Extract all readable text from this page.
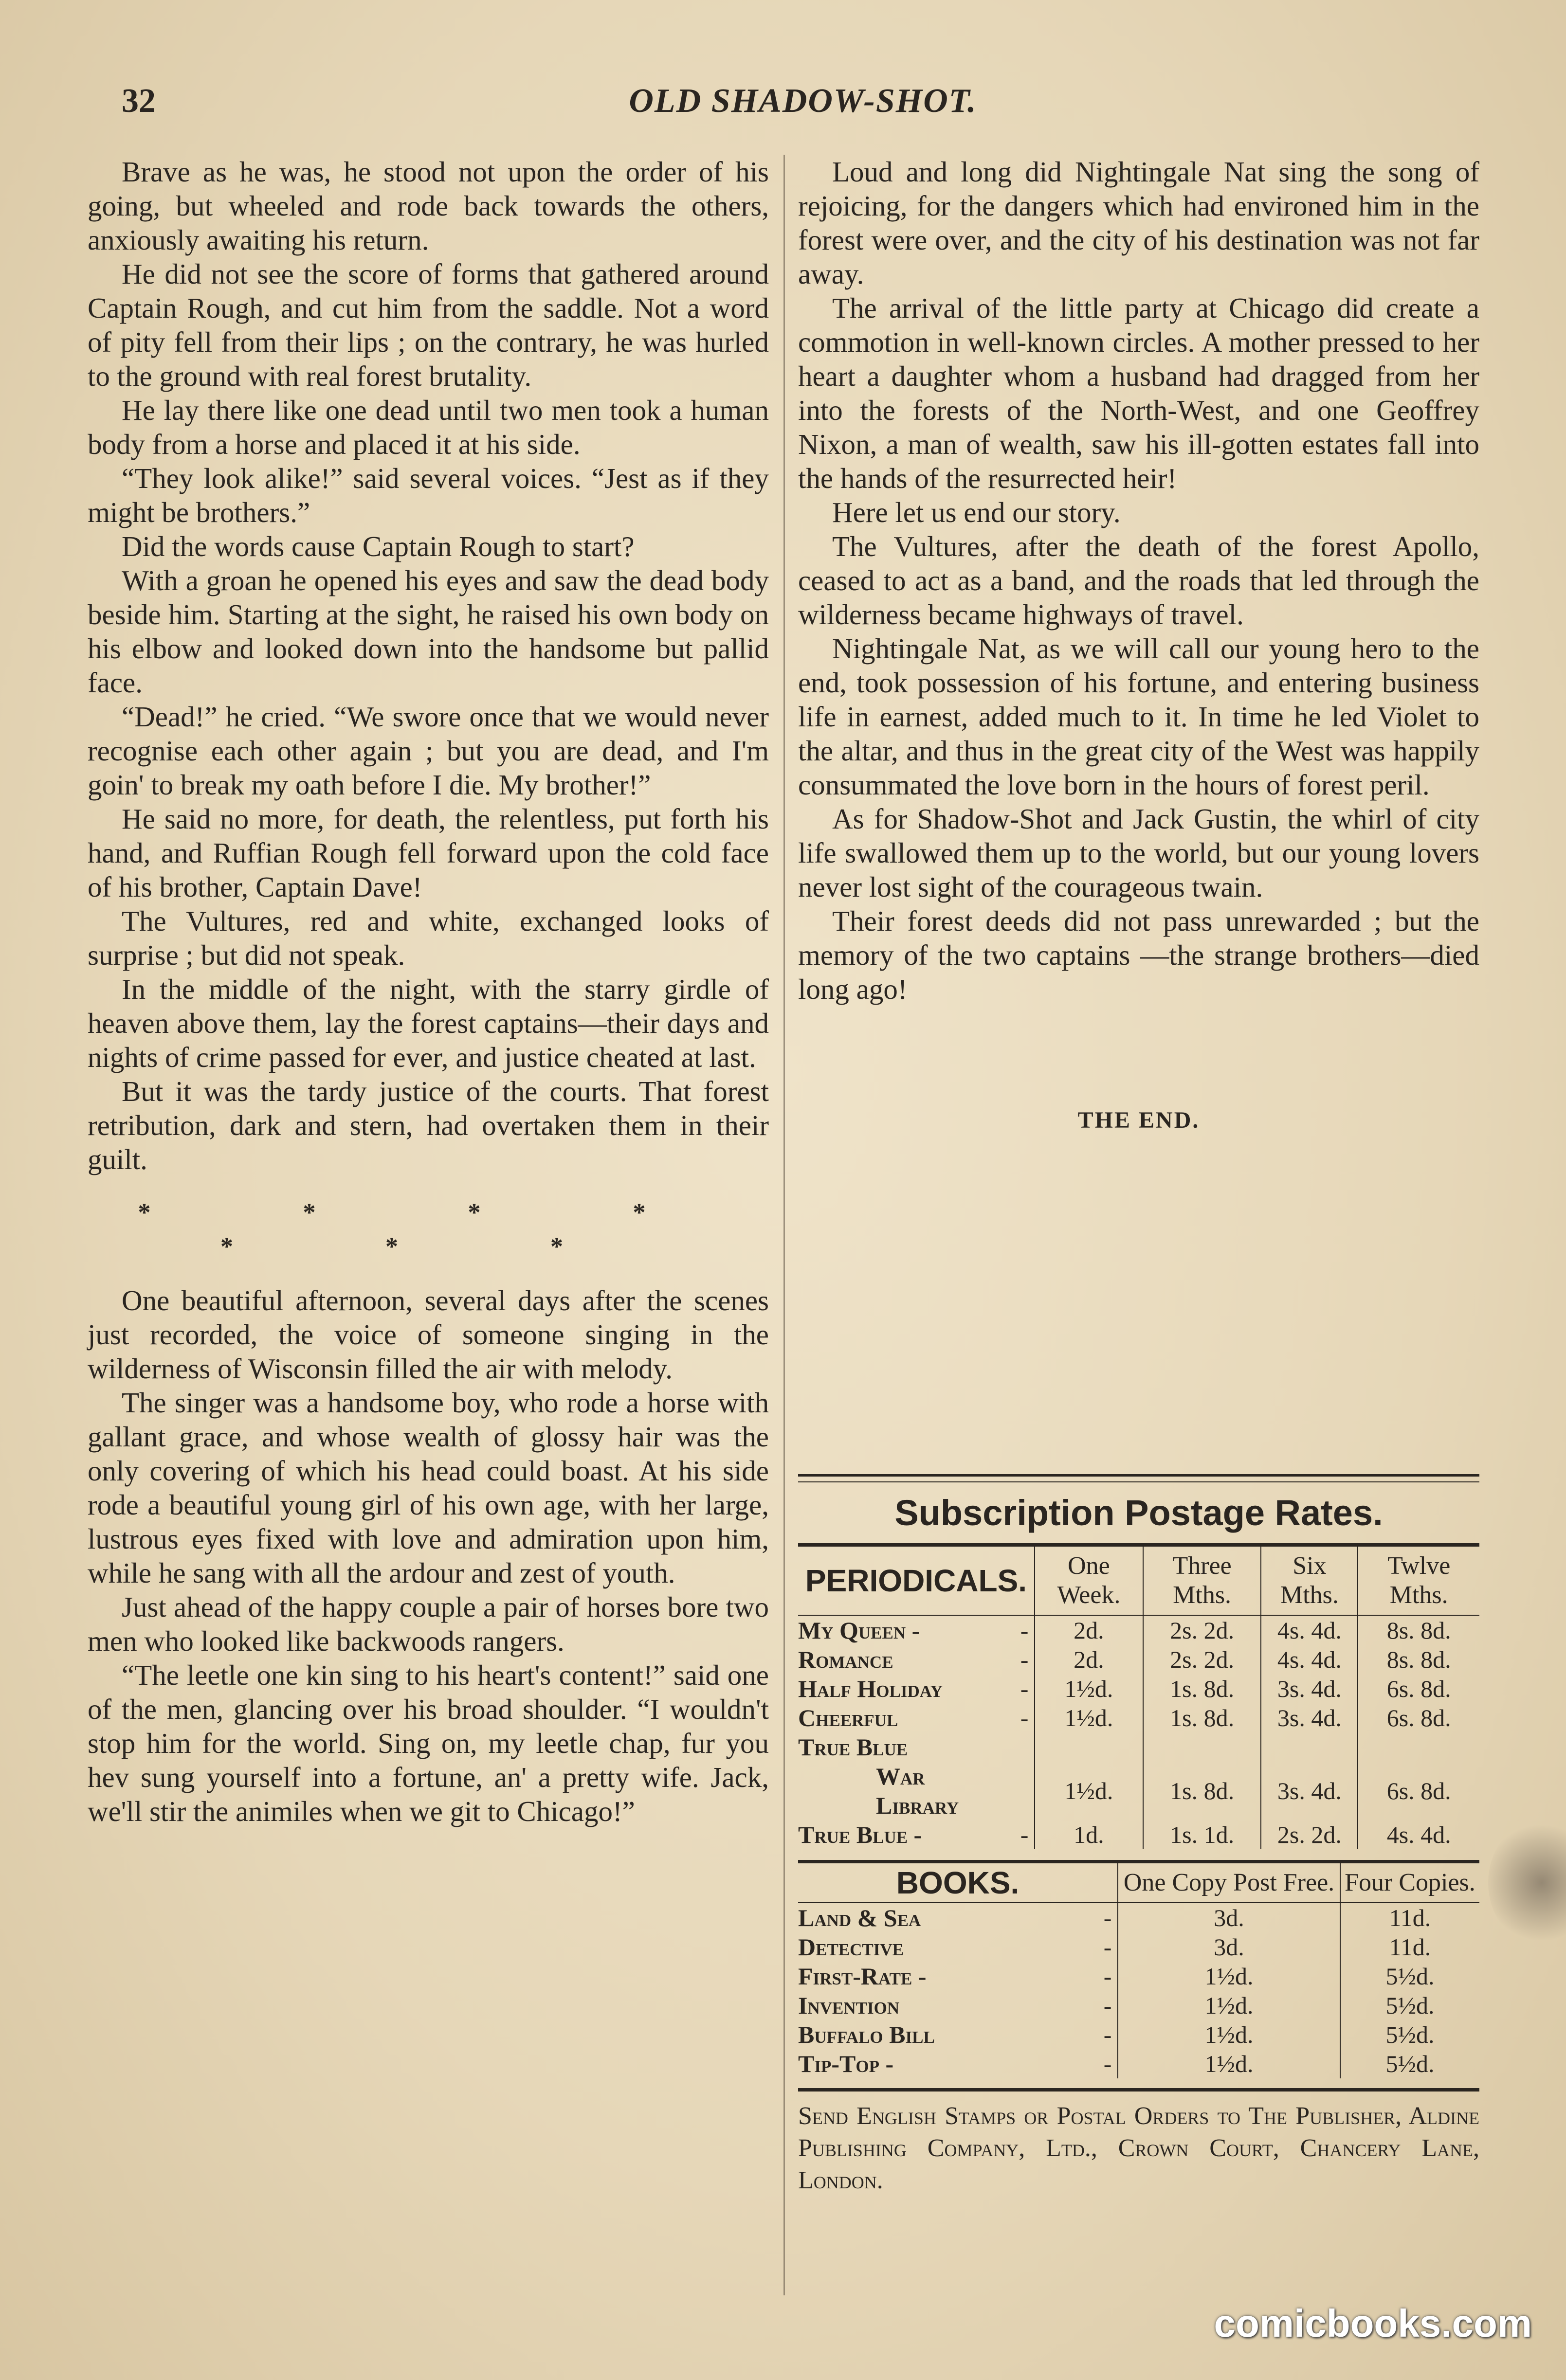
32	OLD SHADOW-SHOT.

Brave as he was, he stood not upon the order of his going, but wheeled and rode back towards the others, anxiously awaiting his return.

He did not see the score of forms that gathered around Captain Rough, and cut him from the saddle. Not a word of pity fell from their lips ; on the contrary, he was hurled to the ground with real forest brutality.

He lay there like one dead until two men took a human body from a horse and placed it at his side.

“They look alike!” said several voices. “Jest as if they might be brothers.”

Did the words cause Captain Rough to start?

With a groan he opened his eyes and saw the dead body beside him. Starting at the sight, he raised his own body on his elbow and looked down into the handsome but pallid face.

“Dead!” he cried. “We swore once that we would never recognise each other again ; but you are dead, and I'm goin' to break my oath before I die. My brother!”

He said no more, for death, the relentless, put forth his hand, and Ruffian Rough fell forward upon the cold face of his brother, Captain Dave!

The Vultures, red and white, exchanged looks of surprise ; but did not speak.

In the middle of the night, with the starry girdle of heaven above them, lay the forest captains—their days and nights of crime passed for ever, and justice cheated at last.

But it was the tardy justice of the courts. That forest retribution, dark and stern, had overtaken them in their guilt.

* * * * * * *

One beautiful afternoon, several days after the scenes just recorded, the voice of someone singing in the wilderness of Wisconsin filled the air with melody.

The singer was a handsome boy, who rode a horse with gallant grace, and whose wealth of glossy hair was the only covering of which his head could boast. At his side rode a beautiful young girl of his own age, with her large, lustrous eyes fixed with love and admiration upon him, while he sang with all the ardour and zest of youth.

Just ahead of the happy couple a pair of horses bore two men who looked like backwoods rangers.

“The leetle one kin sing to his heart's content!” said one of the men, glancing over his broad shoulder. “I wouldn't stop him for the world. Sing on, my leetle chap, fur you hev sung yourself into a fortune, an' a pretty wife. Jack, we'll stir the animiles when we git to Chicago!”

Loud and long did Nightingale Nat sing the song of rejoicing, for the dangers which had environed him in the forest were over, and the city of his destination was not far away.

The arrival of the little party at Chicago did create a commotion in well-known circles. A mother pressed to her heart a daughter whom a husband had dragged from her into the forests of the North-West, and one Geoffrey Nixon, a man of wealth, saw his ill-gotten estates fall into the hands of the resurrected heir!

Here let us end our story.

The Vultures, after the death of the forest Apollo, ceased to act as a band, and the roads that led through the wilderness became highways of travel.

Nightingale Nat, as we will call our young hero to the end, took possession of his fortune, and entering business life in earnest, added much to it. In time he led Violet to the altar, and thus in the great city of the West was happily consummated the love born in the hours of forest peril.

As for Shadow-Shot and Jack Gustin, the whirl of city life swallowed them up to the world, but our young lovers never lost sight of the courageous twain.

Their forest deeds did not pass unrewarded ; but the memory of the two captains —the strange brothers—died long ago!

THE END.
Subscription Postage Rates.
PERIODICALS.		One Week.	Three Mths.	Six Mths.	Twlve Mths.
My Queen -	-	2d.	2s. 2d.	4s. 4d.	8s. 8d.
Romance	-	2d.	2s. 2d.	4s. 4d.	8s. 8d.
Half Holiday	-	1½d.	1s. 8d.	3s. 4d.	6s. 8d.
Cheerful	-	1½d.	1s. 8d.	3s. 4d.	6s. 8d.
True Blue					
War Library		1½d.	1s. 8d.	3s. 4d.	6s. 8d.
True Blue -	-	1d.	1s. 1d.	2s. 2d.	4s. 4d.
BOOKS.		One Copy Post Free.	Four Copies.
Land & Sea	-	3d.	11d.
Detective	-	3d.	11d.
First-Rate -	-	1½d.	5½d.
Invention	-	1½d.	5½d.
Buffalo Bill	-	1½d.	5½d.
Tip-Top -	-	1½d.	5½d.
Send English Stamps or Postal Orders to The Publisher, Aldine Publishing Company, Ltd., Crown Court, Chancery Lane, London.
comicbooks.com
